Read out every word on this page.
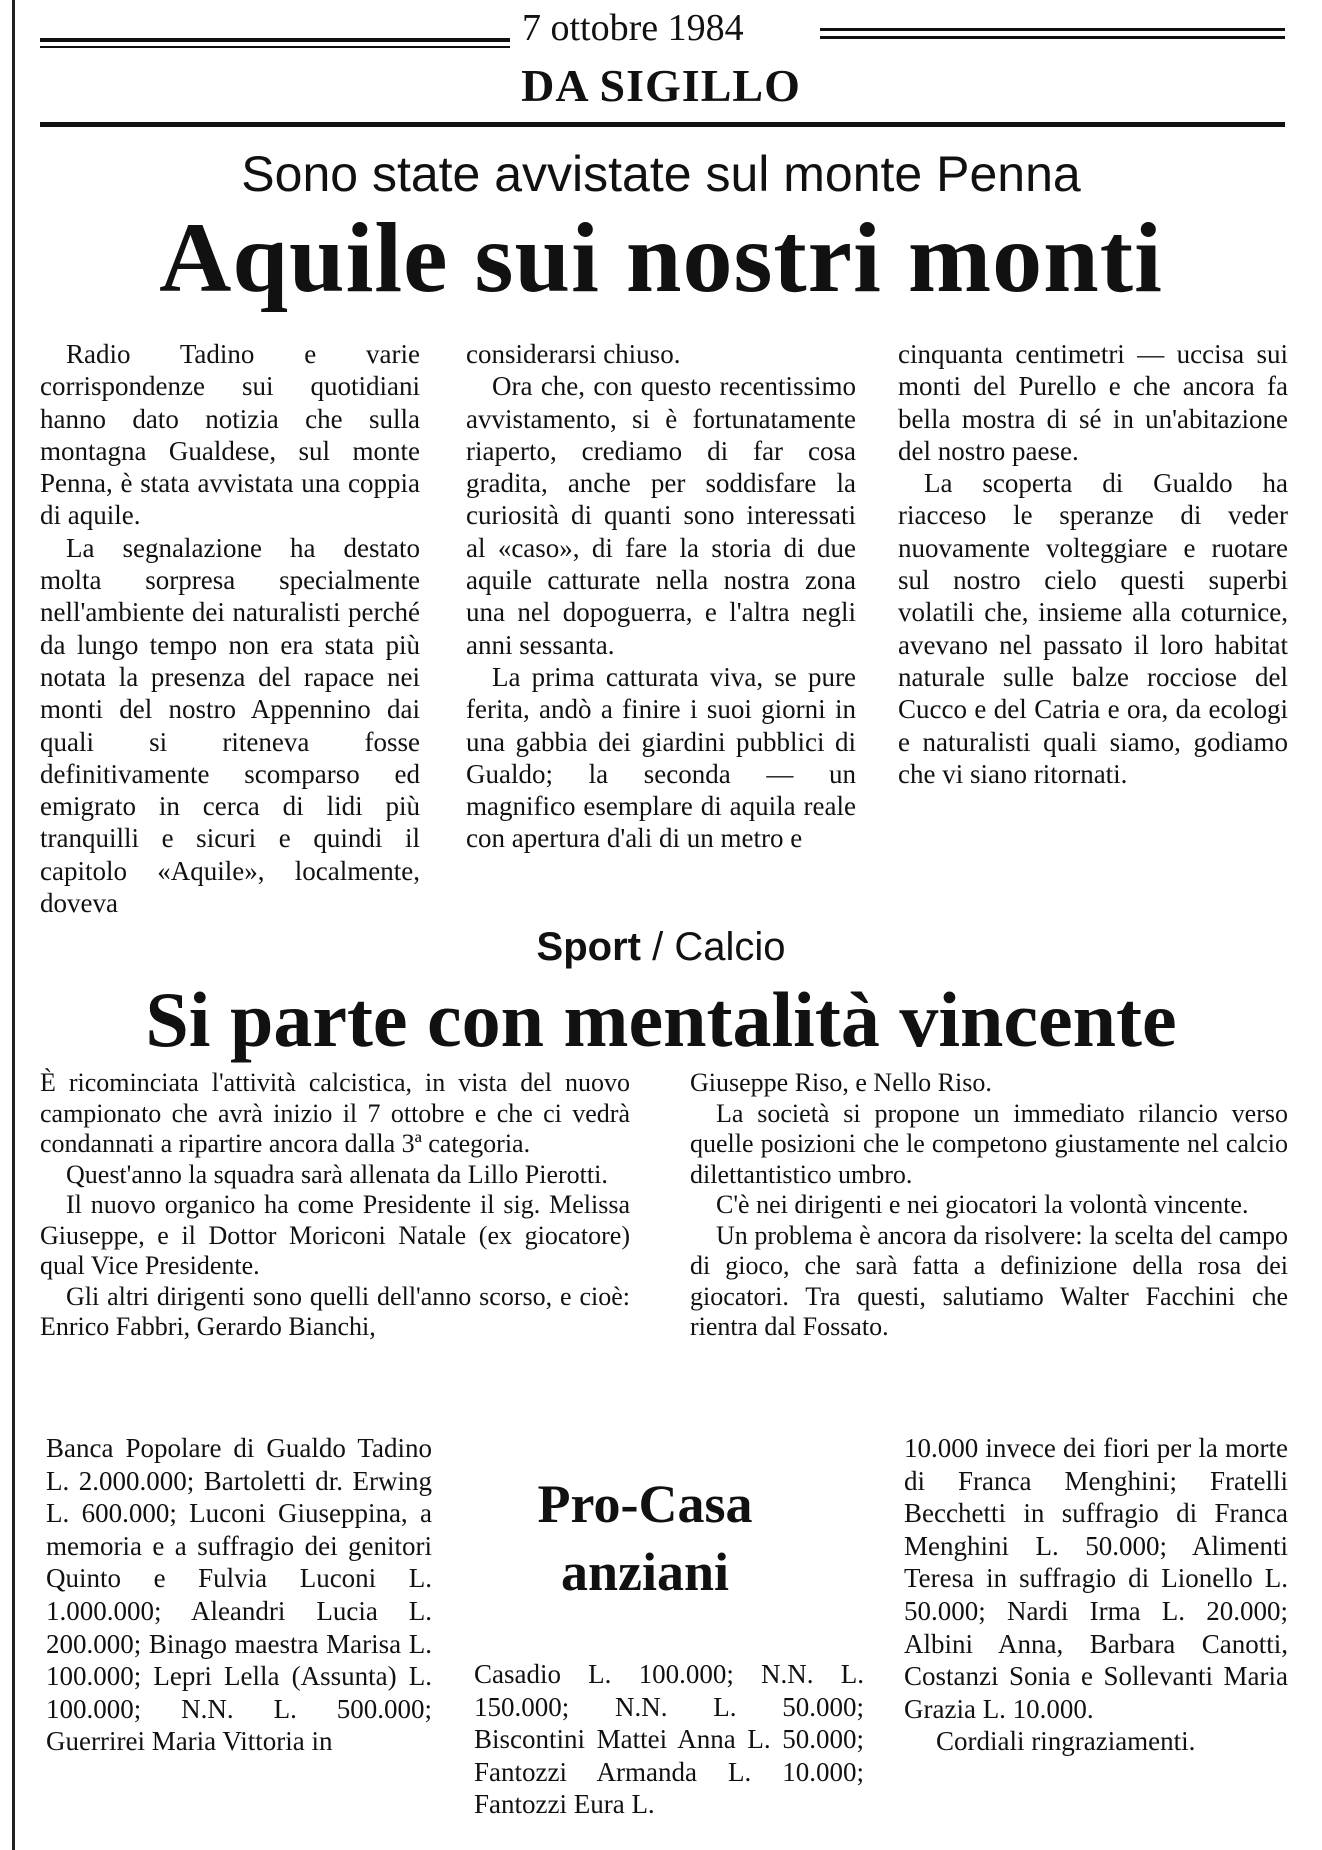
7 ottobre 1984
DA SIGILLO
Sono state avvistate sul monte Penna
Aquile sui nostri monti

Radio Tadino e varie corrispondenze sui quotidiani hanno dato notizia che sulla montagna Gualdese, sul monte Penna, è stata avvistata una coppia di aquile.

La segnalazione ha destato molta sorpresa specialmente nell'ambiente dei naturalisti perché da lungo tempo non era stata più notata la presenza del rapace nei monti del nostro Appennino dai quali si riteneva fosse definitivamente scomparso ed emigrato in cerca di lidi più tranquilli e sicuri e quindi il capitolo «Aquile», localmente, doveva

considerarsi chiuso.

Ora che, con questo recentissimo avvistamento, si è fortunatamente riaperto, crediamo di far cosa gradita, anche per soddisfare la curiosità di quanti sono interessati al «caso», di fare la storia di due aquile catturate nella nostra zona una nel dopoguerra, e l'altra negli anni sessanta.

La prima catturata viva, se pure ferita, andò a finire i suoi giorni in una gabbia dei giardini pubblici di Gualdo; la seconda — un magnifico esemplare di aquila reale con apertura d'ali di un metro e

cinquanta centimetri — uccisa sui monti del Purello e che ancora fa bella mostra di sé in un'abitazione del nostro paese.

La scoperta di Gualdo ha riacceso le speranze di veder nuovamente volteggiare e ruotare sul nostro cielo questi superbi volatili che, insieme alla coturnice, avevano nel passato il loro habitat naturale sulle balze rocciose del Cucco e del Catria e ora, da ecologi e naturalisti quali siamo, godiamo che vi siano ritornati.

Sport / Calcio
Si parte con mentalità vincente

È ricominciata l'attività calcistica, in vista del nuovo campionato che avrà inizio il 7 ottobre e che ci vedrà condannati a ripartire ancora dalla 3ª categoria.

Quest'anno la squadra sarà allenata da Lillo Pierotti.

Il nuovo organico ha come Presidente il sig. Melissa Giuseppe, e il Dottor Moriconi Natale (ex giocatore) qual Vice Presidente.

Gli altri dirigenti sono quelli dell'anno scorso, e cioè: Enrico Fabbri, Gerardo Bianchi,

Giuseppe Riso, e Nello Riso.

La società si propone un immediato rilancio verso quelle posizioni che le competono giustamente nel calcio dilettantistico umbro.

C'è nei dirigenti e nei giocatori la volontà vincente.

Un problema è ancora da risolvere: la scelta del campo di gioco, che sarà fatta a definizione della rosa dei giocatori. Tra questi, salutiamo Walter Facchini che rientra dal Fossato.

Banca Popolare di Gualdo Tadino L. 2.000.000; Bartoletti dr. Erwing L. 600.000; Luconi Giuseppina, a memoria e a suffragio dei genitori Quinto e Fulvia Luconi L. 1.000.000; Aleandri Lucia L. 200.000; Binago maestra Marisa L. 100.000; Lepri Lella (Assunta) L. 100.000; N.N. L. 500.000; Guerrirei Maria Vittoria in

Pro-Casa
anziani

Casadio L. 100.000; N.N. L. 150.000; N.N. L. 50.000; Biscontini Mattei Anna L. 50.000; Fantozzi Armanda L. 10.000; Fantozzi Eura L.

10.000 invece dei fiori per la morte di Franca Menghini; Fratelli Becchetti in suffragio di Franca Menghini L. 50.000; Alimenti Teresa in suffragio di Lionello L. 50.000; Nardi Irma L. 20.000; Albini Anna, Barbara Canotti, Costanzi Sonia e Sollevanti Maria Grazia L. 10.000.

Cordiali ringraziamenti.
